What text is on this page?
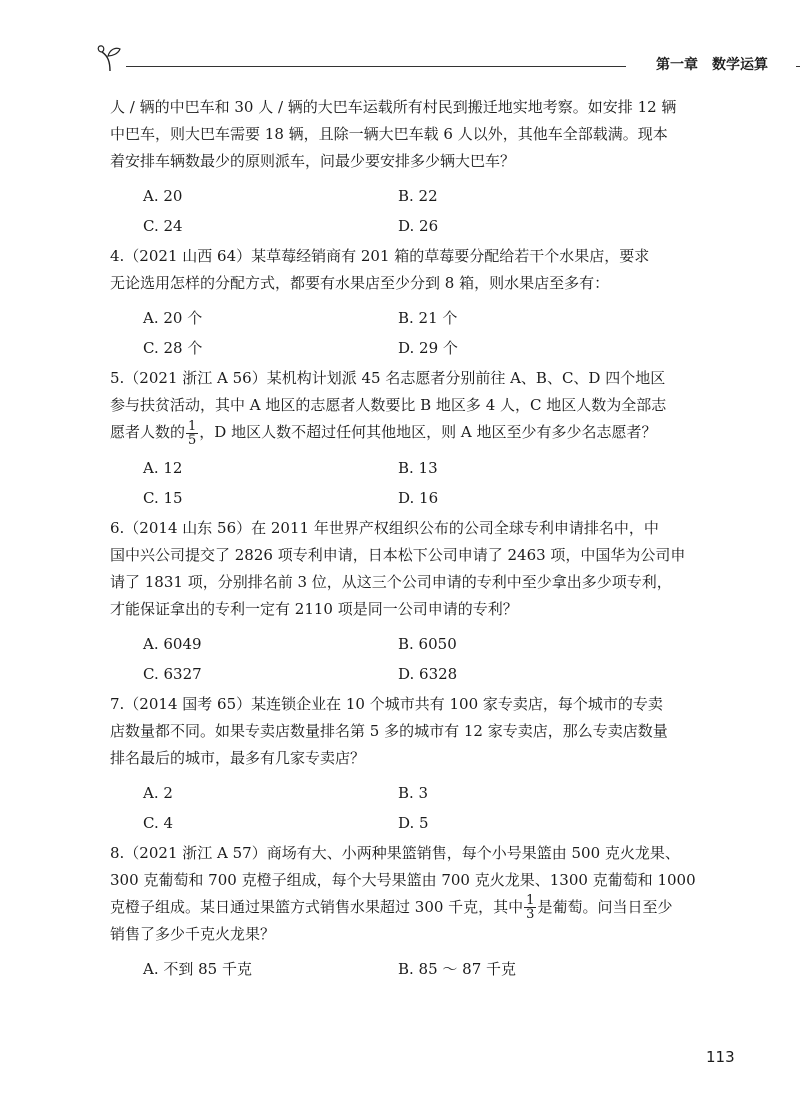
第一章　数学运算

人 / 辆的中巴车和 30 人 / 辆的大巴车运载所有村民到搬迁地实地考察。如安排 12 辆

中巴车，则大巴车需要 18 辆，且除一辆大巴车载 6 人以外，其他车全部载满。现本

着安排车辆数最少的原则派车，问最少要安排多少辆大巴车？

A. 20	B. 22
C. 24	D. 26

4.（2021 山西 64）某草莓经销商有 201 箱的草莓要分配给若干个水果店，要求

无论选用怎样的分配方式，都要有水果店至少分到 8 箱，则水果店至多有：

A. 20 个	B. 21 个
C. 28 个	D. 29 个

5.（2021 浙江 A 56）某机构计划派 45 名志愿者分别前往 A、B、C、D 四个地区

参与扶贫活动，其中 A 地区的志愿者人数要比 B 地区多 4 人，C 地区人数为全部志

愿者人数的 $\frac{1}{5}$ ，D 地区人数不超过任何其他地区，则 A 地区至少有多少名志愿者？

A. 12	B. 13
C. 15	D. 16

6.（2014 山东 56）在 2011 年世界产权组织公布的公司全球专利申请排名中，中

国中兴公司提交了 2826 项专利申请，日本松下公司申请了 2463 项，中国华为公司申

请了 1831 项，分别排名前 3 位，从这三个公司申请的专利中至少拿出多少项专利，

才能保证拿出的专利一定有 2110 项是同一公司申请的专利？

A. 6049	B. 6050
C. 6327	D. 6328

7.（2014 国考 65）某连锁企业在 10 个城市共有 100 家专卖店，每个城市的专卖

店数量都不同。如果专卖店数量排名第 5 多的城市有 12 家专卖店，那么专卖店数量

排名最后的城市，最多有几家专卖店？

A. 2	B. 3
C. 4	D. 5

8.（2021 浙江 A 57）商场有大、小两种果篮销售，每个小号果篮由 500 克火龙果、

300 克葡萄和 700 克橙子组成，每个大号果篮由 700 克火龙果、1300 克葡萄和 1000

克橙子组成。某日通过果篮方式销售水果超过 300 千克，其中 $\frac{1}{3}$ 是葡萄。问当日至少

销售了多少千克火龙果？

A. 不到 85 千克	B. 85 ～ 87 千克
113
